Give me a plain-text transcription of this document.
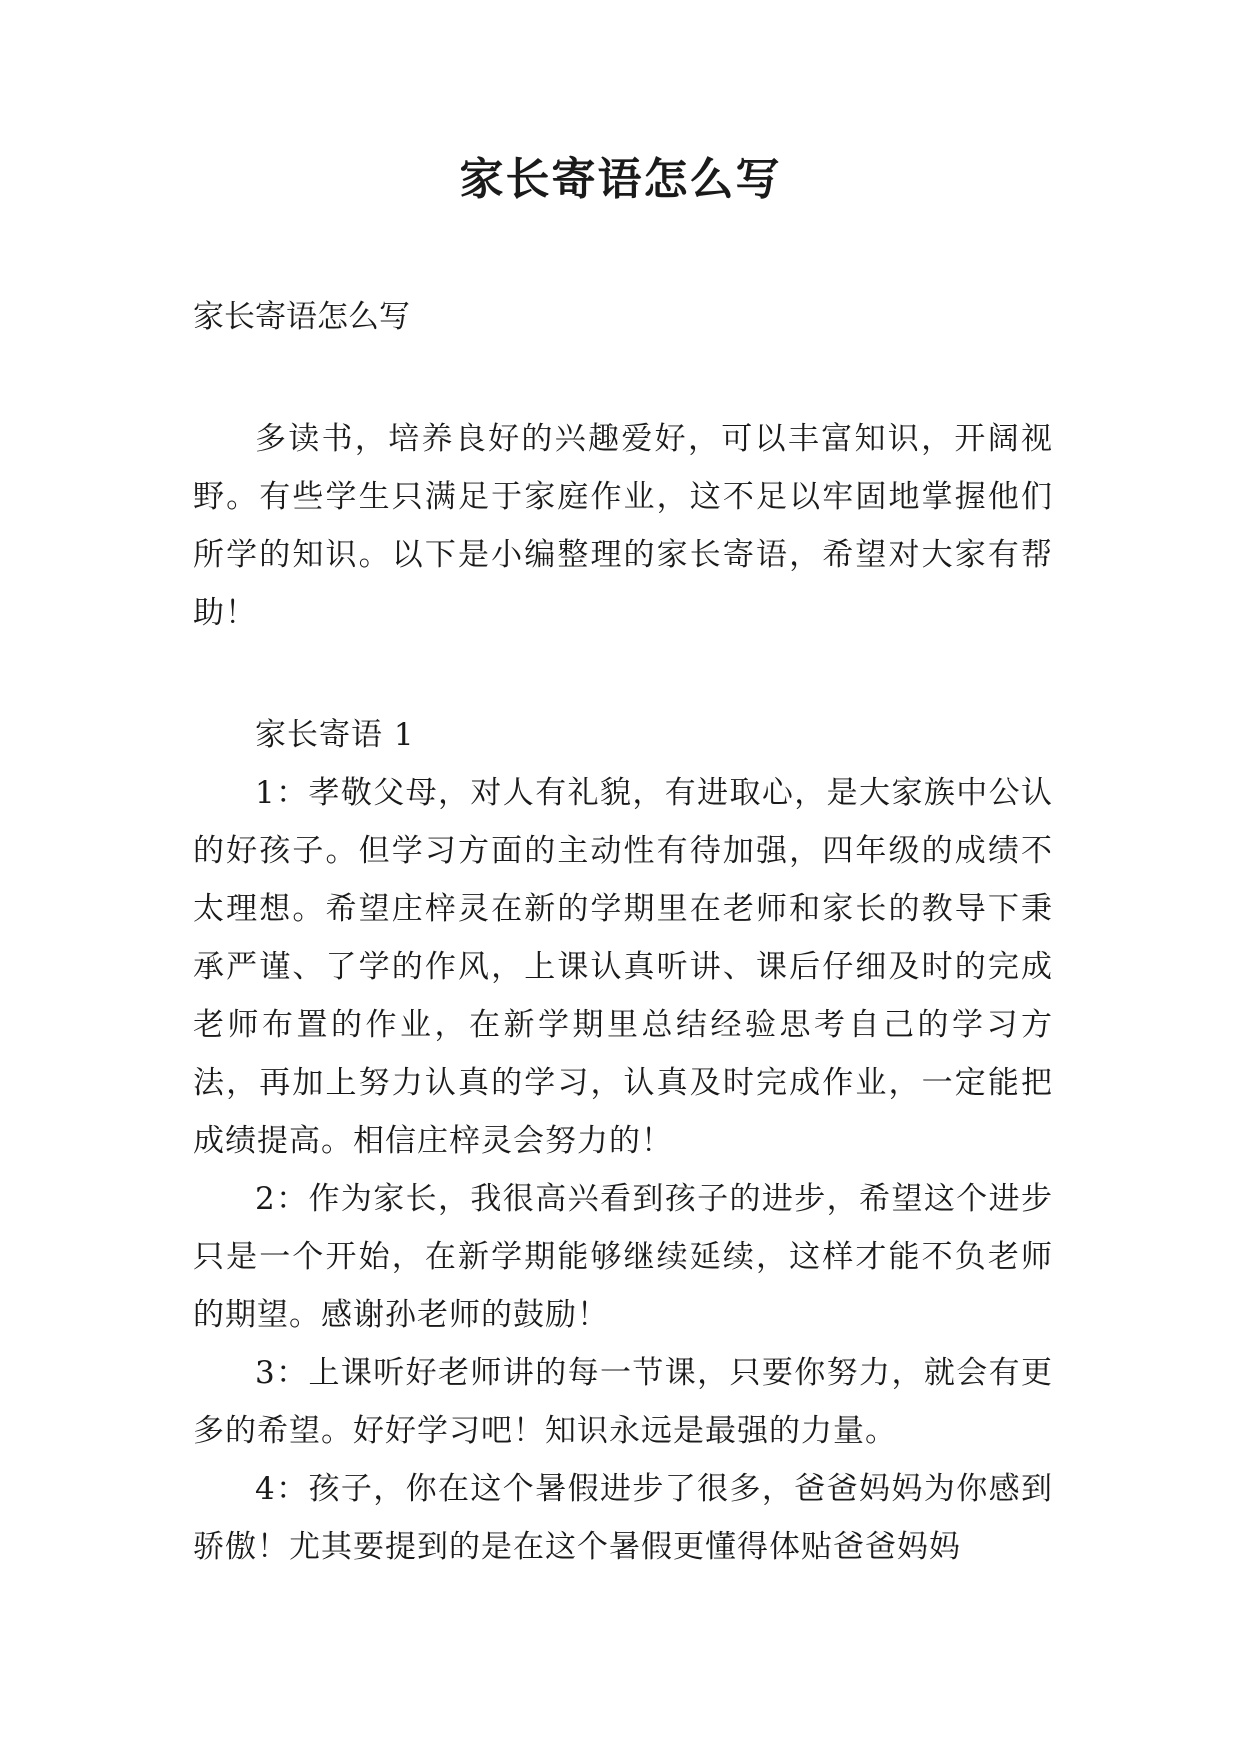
家长寄语怎么写

家长寄语怎么写

多读书，培养良好的兴趣爱好，可以丰富知识，开阔视野。有些学生只满足于家庭作业，这不足以牢固地掌握他们所学的知识。以下是小编整理的家长寄语，希望对大家有帮助！

家长寄语 1

1：孝敬父母，对人有礼貌，有进取心，是大家族中公认的好孩子。但学习方面的主动性有待加强，四年级的成绩不太理想。希望庄梓灵在新的学期里在老师和家长的教导下秉承严谨、了学的作风，上课认真听讲、课后仔细及时的完成老师布置的作业，在新学期里总结经验思考自己的学习方法，再加上努力认真的学习，认真及时完成作业，一定能把成绩提高。相信庄梓灵会努力的！

2：作为家长，我很高兴看到孩子的进步，希望这个进步只是一个开始，在新学期能够继续延续，这样才能不负老师的期望。感谢孙老师的鼓励！

3：上课听好老师讲的每一节课，只要你努力，就会有更多的希望。好好学习吧！知识永远是最强的力量。

4：孩子，你在这个暑假进步了很多，爸爸妈妈为你感到骄傲！尤其要提到的是在这个暑假更懂得体贴爸爸妈妈
